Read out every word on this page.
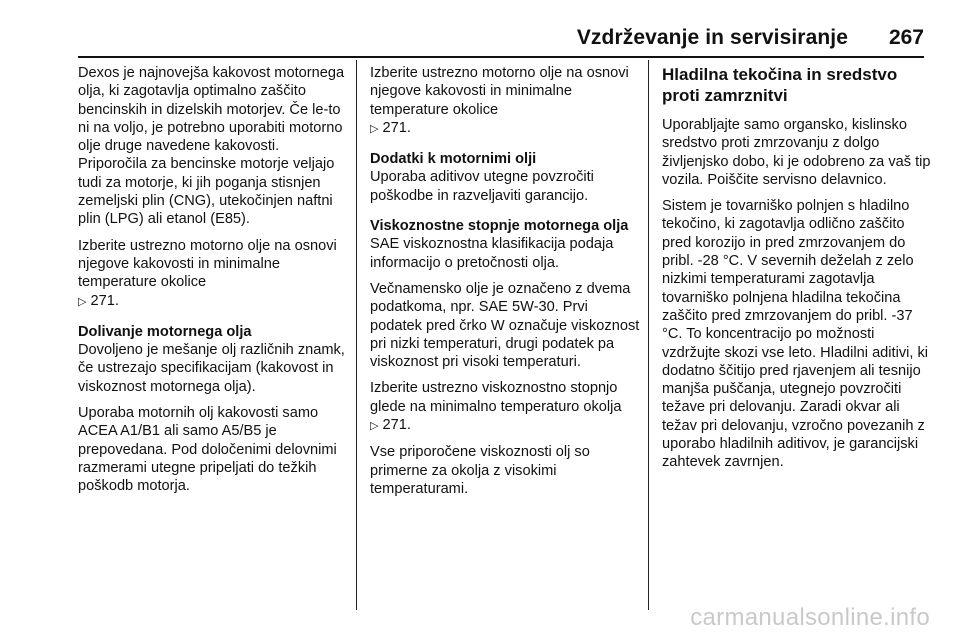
Vzdrževanje in servisiranje 267

Dexos je najnovejša kakovost motornega olja, ki zagotavlja optimalno zaščito bencinskih in dizelskih motorjev. Če le-to ni na voljo, je potrebno uporabiti motorno olje druge navedene kakovosti. Priporočila za bencinske motorje veljajo tudi za motorje, ki jih poganja stisnjen zemeljski plin (CNG), utekočinjen naftni plin (LPG) ali etanol (E85).

Izberite ustrezno motorno olje na osnovi njegove kakovosti in minimalne temperature okolice
▷ 271.

Dolivanje motornega olja

Dovoljeno je mešanje olj različnih znamk, če ustrezajo specifikacijam (kakovost in viskoznost motornega olja).

Uporaba motornih olj kakovosti samo ACEA A1/B1 ali samo A5/B5 je prepovedana. Pod določenimi delovnimi razmerami utegne pripeljati do težkih poškodb motorja.

Izberite ustrezno motorno olje na osnovi njegove kakovosti in minimalne temperature okolice
▷ 271.

Dodatki k motornimi olji

Uporaba aditivov utegne povzročiti poškodbe in razveljaviti garancijo.

Viskoznostne stopnje motornega olja

SAE viskoznostna klasifikacija podaja informacijo o pretočnosti olja.

Večnamensko olje je označeno z dvema podatkoma, npr. SAE 5W-30. Prvi podatek pred črko W označuje viskoznost pri nizki temperaturi, drugi podatek pa viskoznost pri visoki temperaturi.

Izberite ustrezno viskoznostno stopnjo glede na minimalno temperaturo okolja ▷ 271.

Vse priporočene viskoznosti olj so primerne za okolja z visokimi temperaturami.

Hladilna tekočina in sredstvo proti zamrznitvi

Uporabljajte samo organsko, kislinsko sredstvo proti zmrzovanju z dolgo življenjsko dobo, ki je odobreno za vaš tip vozila. Poiščite servisno delavnico.

Sistem je tovarniško polnjen s hladilno tekočino, ki zagotavlja odlično zaščito pred korozijo in pred zmrzovanjem do pribl. -28 °C. V severnih deželah z zelo nizkimi temperaturami zagotavlja tovarniško polnjena hladilna tekočina zaščito pred zmrzovanjem do pribl. -37 °C. To koncentracijo po možnosti vzdržujte skozi vse leto. Hladilni aditivi, ki dodatno ščitijo pred rjavenjem ali tesnijo manjša puščanja, utegnejo povzročiti težave pri delovanju. Zaradi okvar ali težav pri delovanju, vzročno povezanih z uporabo hladilnih aditivov, je garancijski zahtevek zavrnjen.

carmanualsonline.info
